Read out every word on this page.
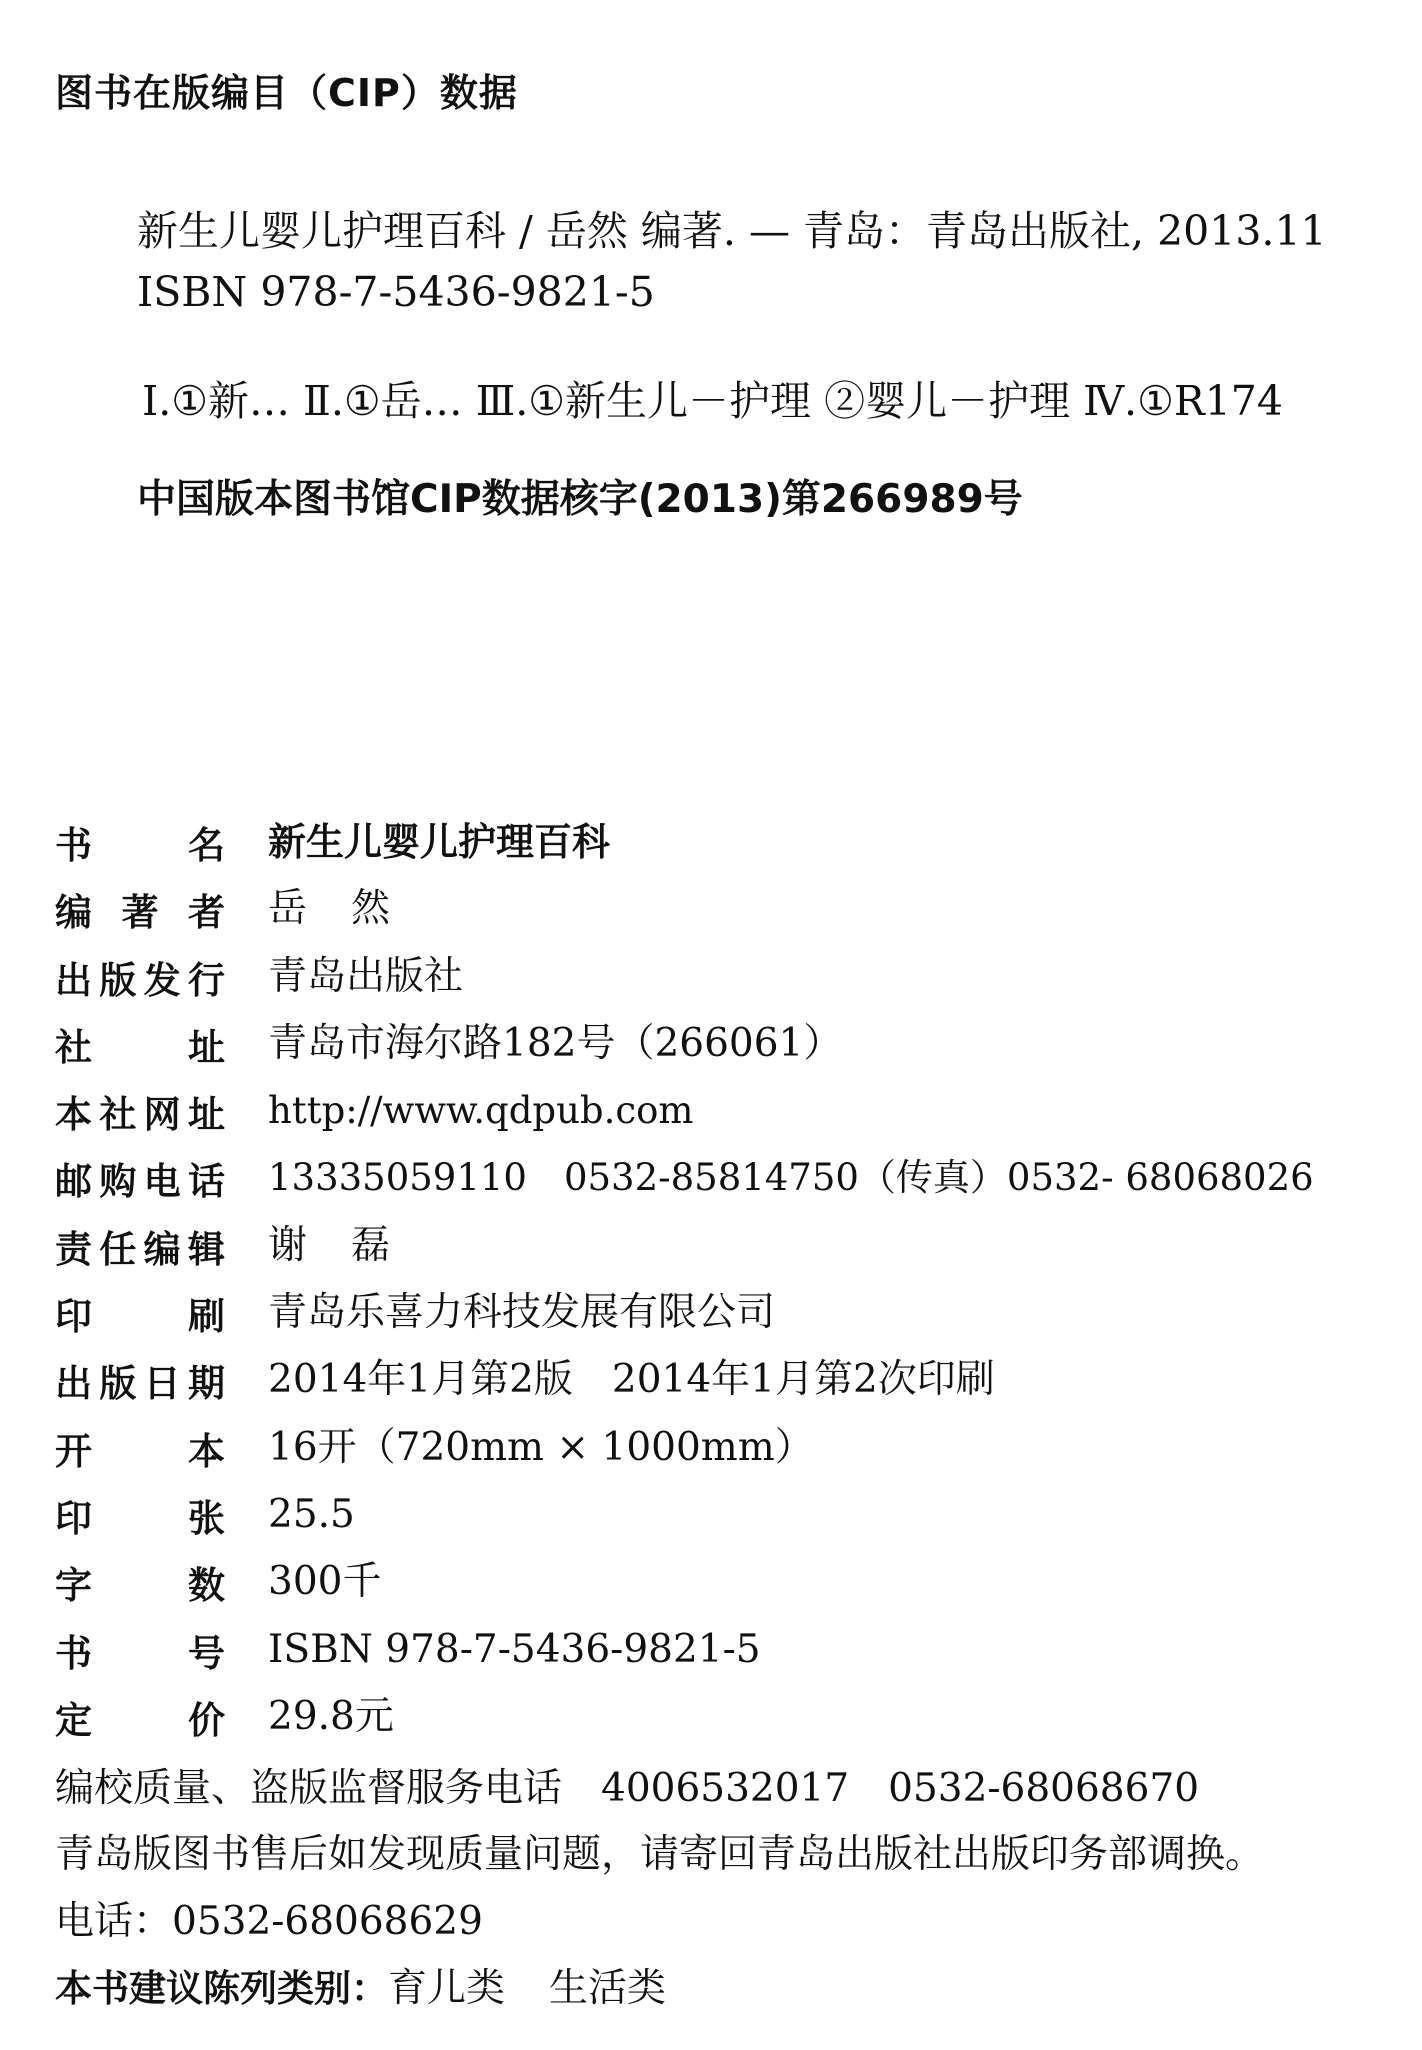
图书在版编目（CIP）数据
新生儿婴儿护理百科 / 岳然 编著. — 青岛：青岛出版社, 2013.11
ISBN 978-7-5436-9821-5
Ⅰ.①新… Ⅱ.①岳… Ⅲ.①新生儿－护理 ②婴儿－护理 Ⅳ.①R174
中国版本图书馆CIP数据核字(2013)第266989号
书	名 新生儿婴儿护理百科
编 著 者 岳 然
出 版 发 行 青岛出版社
社	址 青岛市海尔路182号（266061）
本 社 网 址 http://www.qdpub.com
邮 购 电 话 13335059110　0532-85814750（传真）0532- 68068026
责 任 编 辑 谢 磊
印	刷 青岛乐喜力科技发展有限公司
出 版 日 期 2014年1月第2版　2014年1月第2次印刷
开	本 16开（720mm × 1000mm）
印	张 25.5
字	数 300千
书	号 ISBN 978-7-5436-9821-5
定	价 29.8元
编校质量、盗版监督服务电话　4006532017　0532-68068670
青岛版图书售后如发现质量问题，请寄回青岛出版社出版印务部调换。
电话：0532-68068629
本书建议陈列类别：育儿类 生活类
